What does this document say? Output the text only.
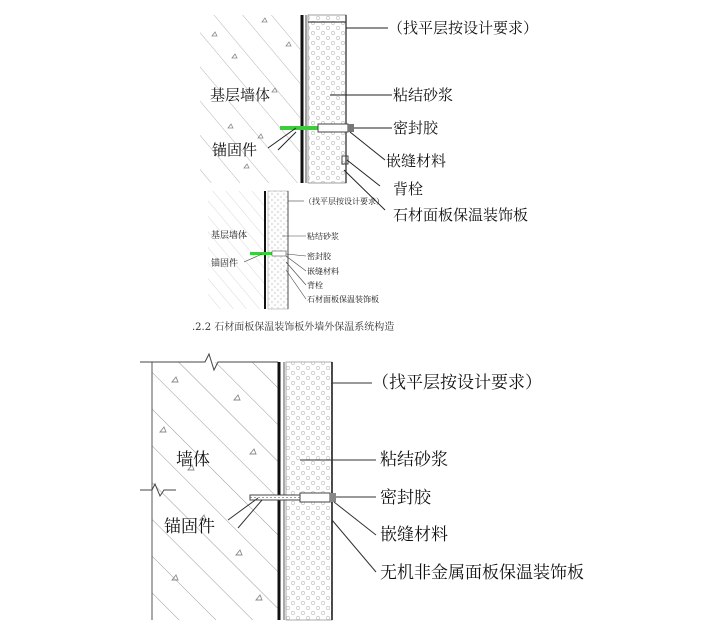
基层墙体
锚固件
（找平层按设计要求）
粘结砂浆
密封胶
嵌缝材料
背栓
石材面板保温装饰板
基层墙体
锚固件
（找平层按设计要求）
粘结砂浆
密封胶
嵌缝材料
背栓
石材面板保温装饰板
.2.2 石材面板保温装饰板外墙外保温系统构造
墙体
锚固件
（找平层按设计要求）
粘结砂浆
密封胶
嵌缝材料
无机非金属面板保温装饰板
